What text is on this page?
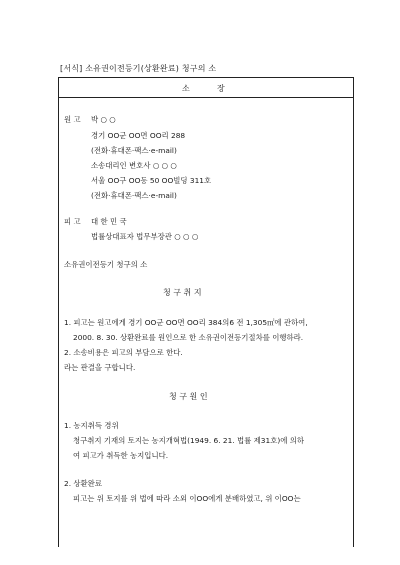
[서식] 소유권이전등기(상환완료) 청구의 소
소	장
원 고 박 ○ ○
경기 OO군 OO면 OO리 288
(전화·휴대폰·팩스·e-mail)
소송대리인 변호사 ○ ○ ○
서울 OO구 OO동 50 OO빌딩 311호
(전화·휴대폰·팩스·e-mail)
피 고 대 한 민 국
법률상대표자 법무부장관 ○ ○ ○
소유권이전등기 청구의 소
청 구 취 지
1. 피고는 원고에게 경기 OO군 OO면 OO리 384의6 전 1,305㎡에 관하여,
2000. 8. 30. 상환완료를 원인으로 한 소유권이전등기절차를 이행하라.
2. 소송비용은 피고의 부담으로 한다.
라는 판결을 구합니다.
청 구 원 인
1. 농지취득 경위
청구취지 기재의 토지는 농지개혁법(1949. 6. 21. 법률 제31호)에 의하
여 피고가 취득한 농지입니다.
2. 상환완료
피고는 위 토지를 위 법에 따라 소외 이OO에게 분배하였고, 위 이OO는
